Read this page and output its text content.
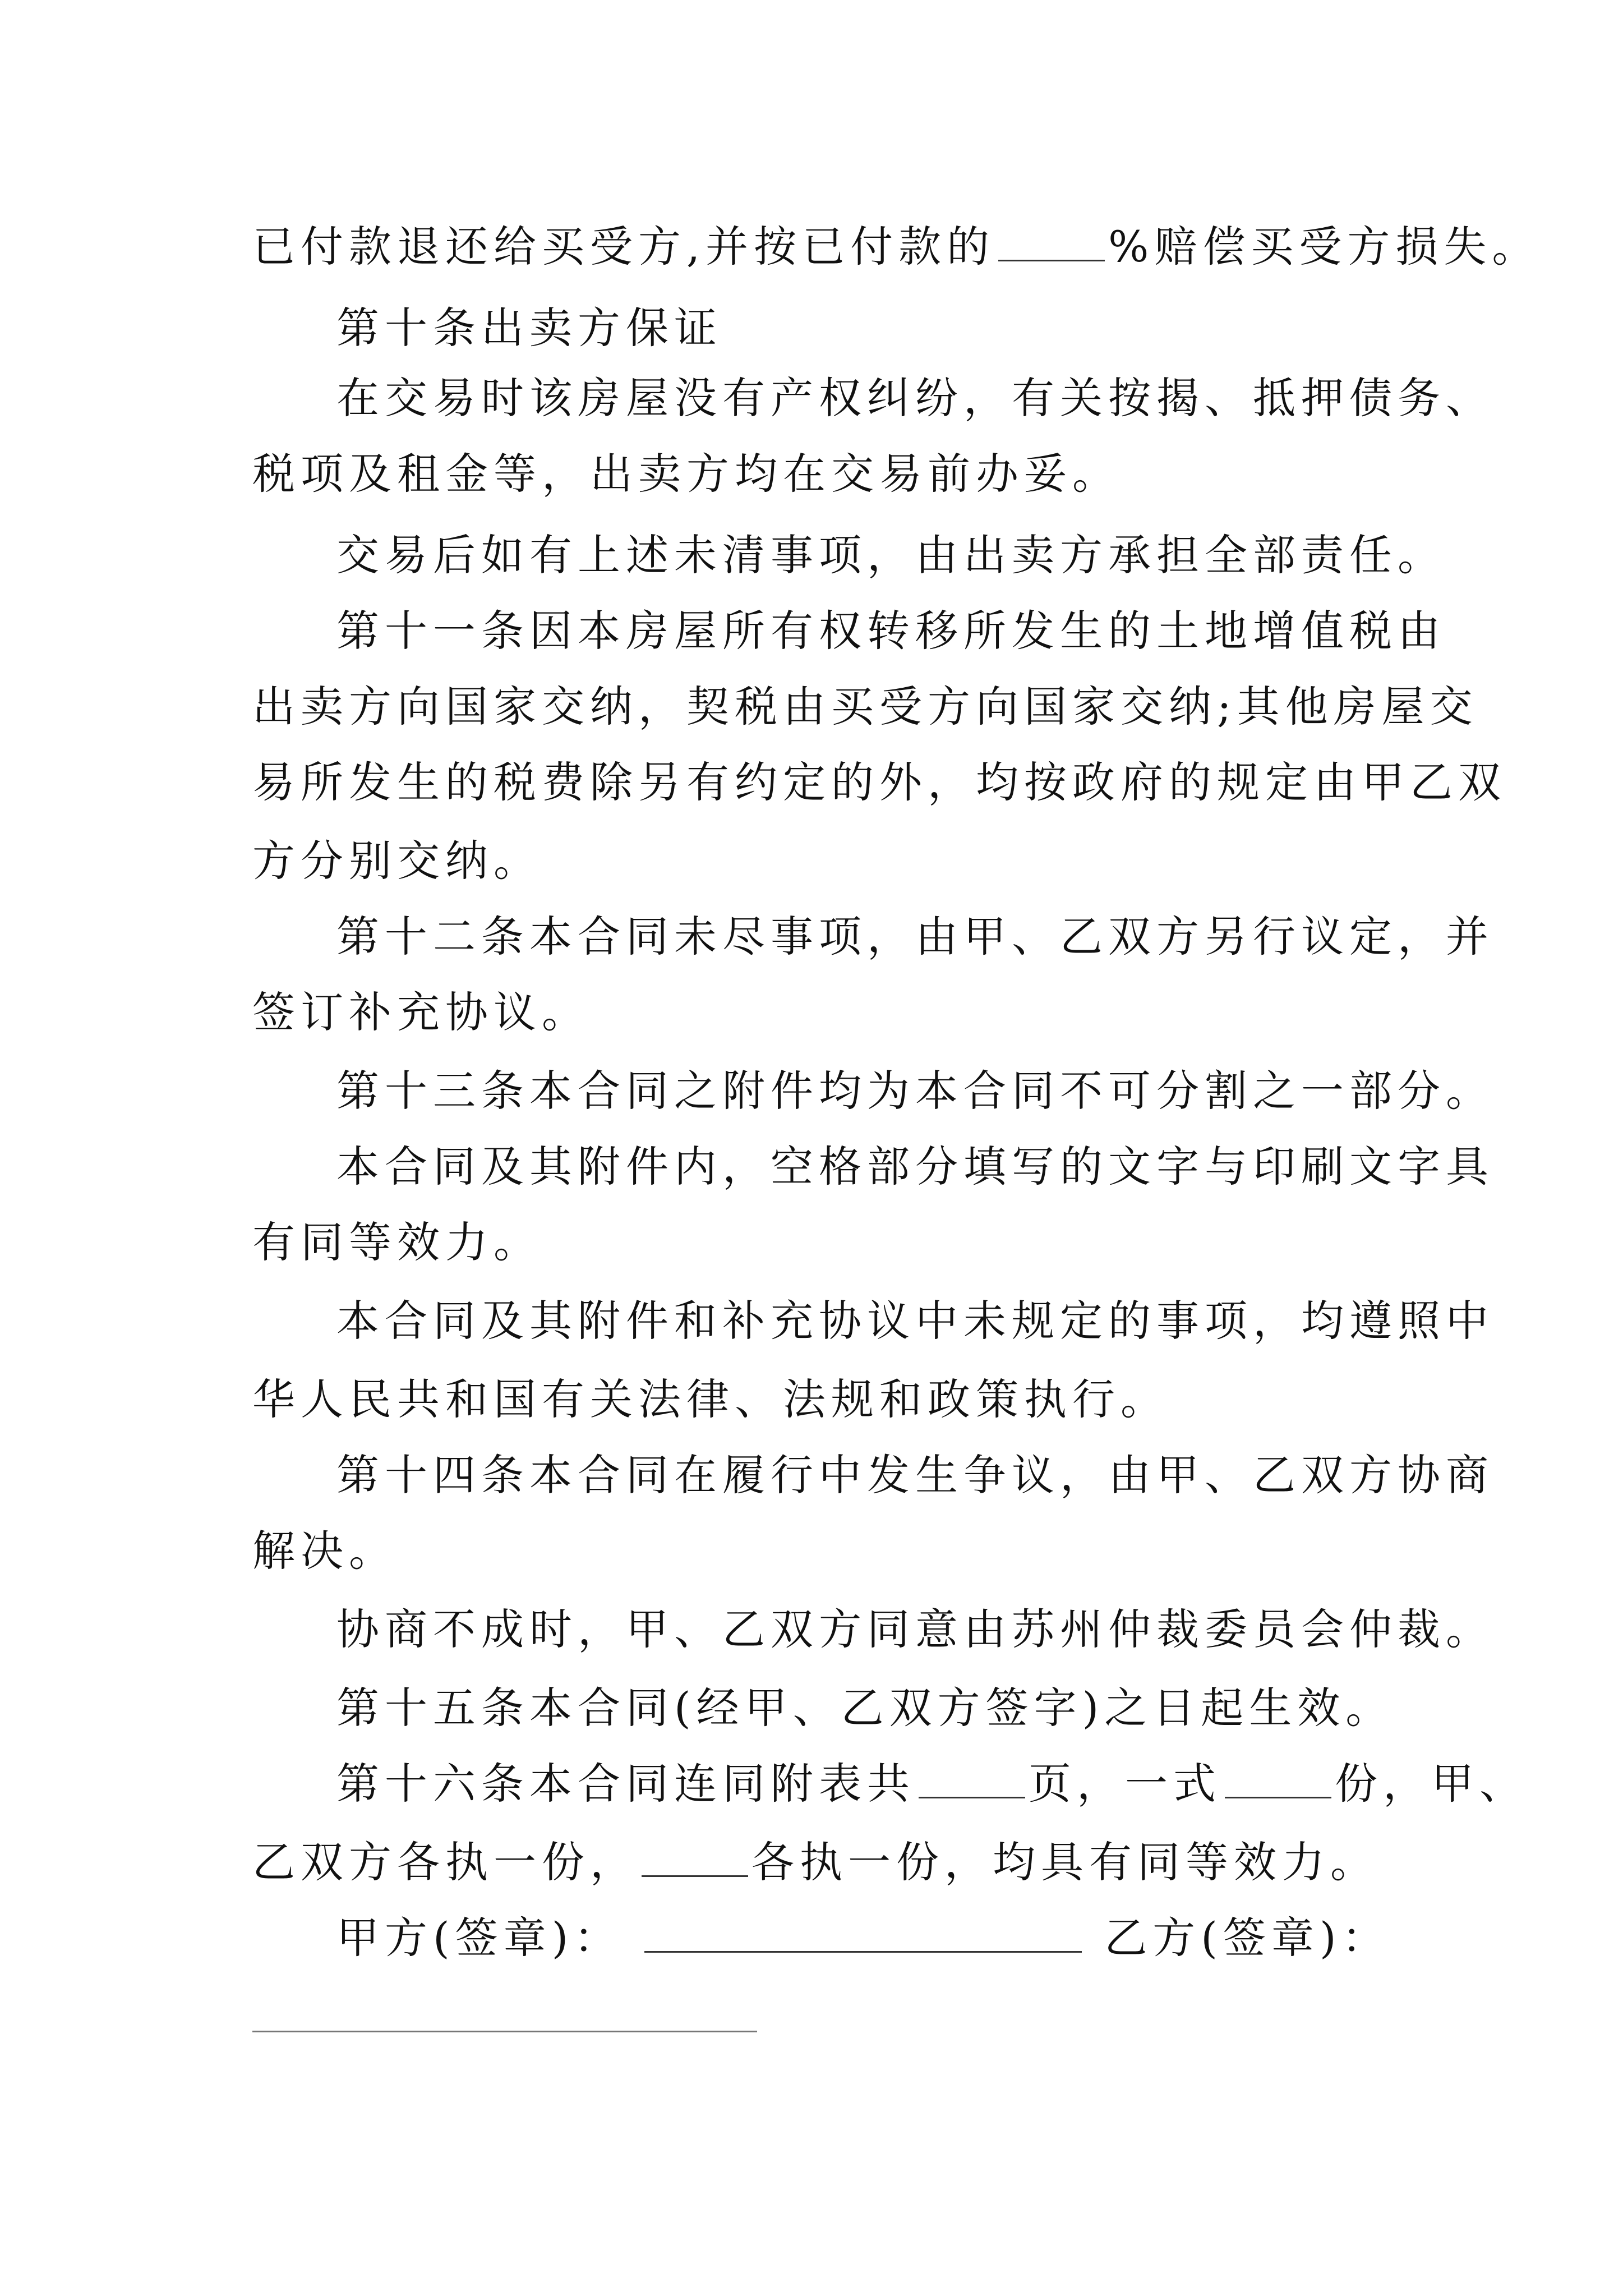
已付款退还给买受方,并按已付款的	%赔偿买受方损失。
第十条出卖方保证
在交易时该房屋没有产权纠纷，有关按揭、抵押债务、
税项及租金等，出卖方均在交易前办妥。
交易后如有上述未清事项，由出卖方承担全部责任。
第十一条因本房屋所有权转移所发生的土地增值税由
出卖方向国家交纳，契税由买受方向国家交纳;其他房屋交
易所发生的税费除另有约定的外，均按政府的规定由甲乙双
方分别交纳。
第十二条本合同未尽事项，由甲、乙双方另行议定，并
签订补充协议。
第十三条本合同之附件均为本合同不可分割之一部分。
本合同及其附件内，空格部分填写的文字与印刷文字具
有同等效力。
本合同及其附件和补充协议中未规定的事项，均遵照中
华人民共和国有关法律、法规和政策执行。
第十四条本合同在履行中发生争议，由甲、乙双方协商
解决。
协商不成时，甲、乙双方同意由苏州仲裁委员会仲裁。
第十五条本合同(经甲、乙双方签字)之日起生效。
第十六条本合同连同附表共	页，一式	份，甲、
乙双方各执一份，	各执一份，均具有同等效力。
甲方(签章)：	乙方(签章)：
